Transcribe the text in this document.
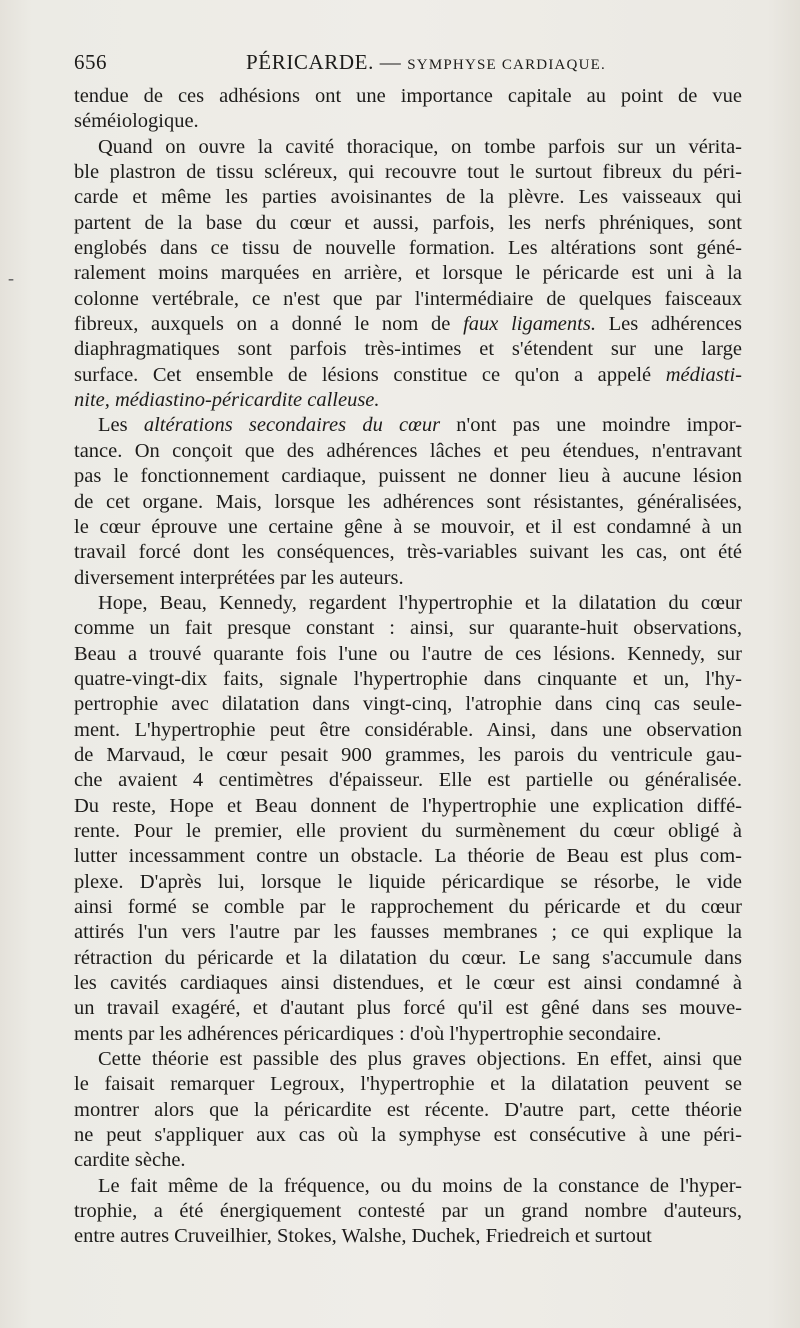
656	PÉRICARDE. — SYMPHYSE CARDIAQUE.
-

tendue de ces adhésions ont une importance capitale au point de vue
séméiologique.

Quand on ouvre la cavité thoracique, on tombe parfois sur un vérita-
ble plastron de tissu scléreux, qui recouvre tout le surtout fibreux du péri-
carde et même les parties avoisinantes de la plèvre. Les vaisseaux qui
partent de la base du cœur et aussi, parfois, les nerfs phréniques, sont
englobés dans ce tissu de nouvelle formation. Les altérations sont géné-
ralement moins marquées en arrière, et lorsque le péricarde est uni à la
colonne vertébrale, ce n'est que par l'intermédiaire de quelques faisceaux
fibreux, auxquels on a donné le nom de faux ligaments. Les adhérences
diaphragmatiques sont parfois très-intimes et s'étendent sur une large
surface. Cet ensemble de lésions constitue ce qu'on a appelé médiasti-
nite, médiastino-péricardite calleuse.

Les altérations secondaires du cœur n'ont pas une moindre impor-
tance. On conçoit que des adhérences lâches et peu étendues, n'entravant
pas le fonctionnement cardiaque, puissent ne donner lieu à aucune lésion
de cet organe. Mais, lorsque les adhérences sont résistantes, généralisées,
le cœur éprouve une certaine gêne à se mouvoir, et il est condamné à un
travail forcé dont les conséquences, très-variables suivant les cas, ont été
diversement interprétées par les auteurs.

Hope, Beau, Kennedy, regardent l'hypertrophie et la dilatation du cœur
comme un fait presque constant : ainsi, sur quarante-huit observations,
Beau a trouvé quarante fois l'une ou l'autre de ces lésions. Kennedy, sur
quatre-vingt-dix faits, signale l'hypertrophie dans cinquante et un, l'hy-
pertrophie avec dilatation dans vingt-cinq, l'atrophie dans cinq cas seule-
ment. L'hypertrophie peut être considérable. Ainsi, dans une observation
de Marvaud, le cœur pesait 900 grammes, les parois du ventricule gau-
che avaient 4 centimètres d'épaisseur. Elle est partielle ou généralisée.
Du reste, Hope et Beau donnent de l'hypertrophie une explication diffé-
rente. Pour le premier, elle provient du surmènement du cœur obligé à
lutter incessamment contre un obstacle. La théorie de Beau est plus com-
plexe. D'après lui, lorsque le liquide péricardique se résorbe, le vide
ainsi formé se comble par le rapprochement du péricarde et du cœur
attirés l'un vers l'autre par les fausses membranes ; ce qui explique la
rétraction du péricarde et la dilatation du cœur. Le sang s'accumule dans
les cavités cardiaques ainsi distendues, et le cœur est ainsi condamné à
un travail exagéré, et d'autant plus forcé qu'il est gêné dans ses mouve-
ments par les adhérences péricardiques : d'où l'hypertrophie secondaire.

Cette théorie est passible des plus graves objections. En effet, ainsi que
le faisait remarquer Legroux, l'hypertrophie et la dilatation peuvent se
montrer alors que la péricardite est récente. D'autre part, cette théorie
ne peut s'appliquer aux cas où la symphyse est consécutive à une péri-
cardite sèche.

Le fait même de la fréquence, ou du moins de la constance de l'hyper-
trophie, a été énergiquement contesté par un grand nombre d'auteurs,
entre autres Cruveilhier, Stokes, Walshe, Duchek, Friedreich et surtout
